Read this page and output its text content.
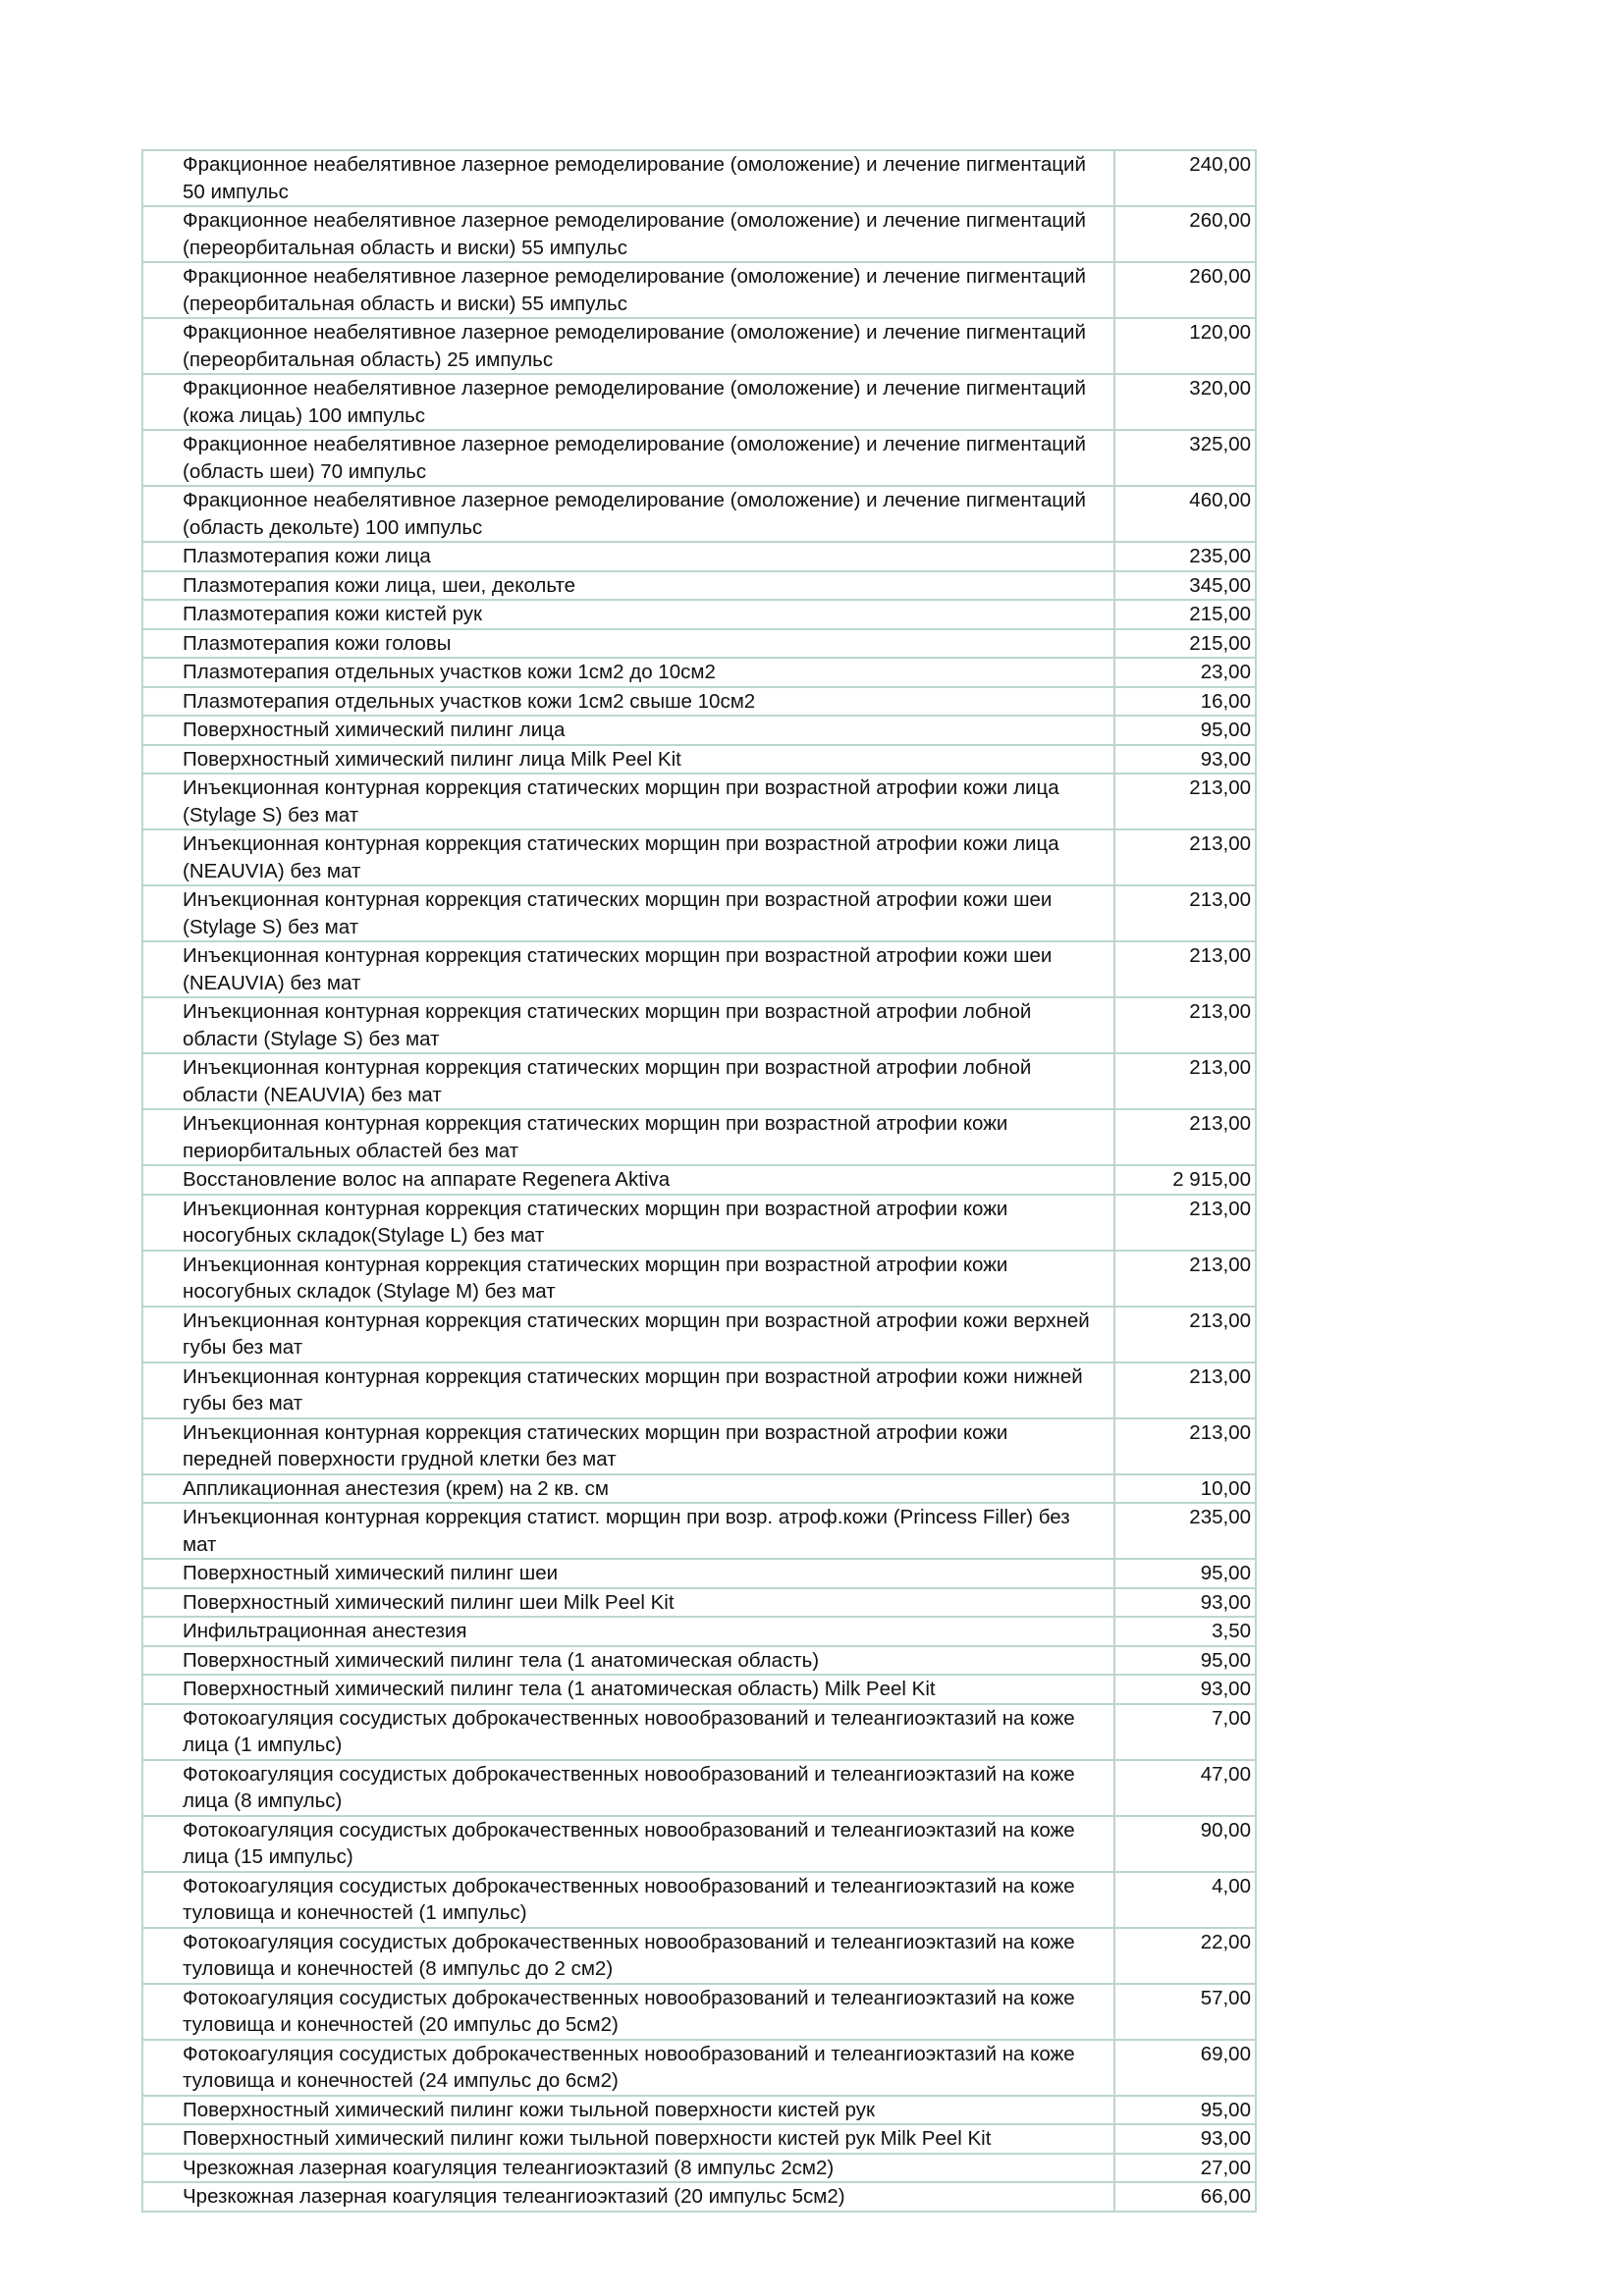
Фракционное неабелятивное лазерное ремоделирование (омоложение) и лечение пигментаций 50 импульс	240,00
Фракционное неабелятивное лазерное ремоделирование (омоложение) и лечение пигментаций (переорбитальная область и виски) 55 импульс	260,00
Фракционное неабелятивное лазерное ремоделирование (омоложение) и лечение пигментаций (переорбитальная область и виски) 55 импульс	260,00
Фракционное неабелятивное лазерное ремоделирование (омоложение) и лечение пигментаций (переорбитальная область) 25 импульс	120,00
Фракционное неабелятивное лазерное ремоделирование (омоложение) и лечение пигментаций (кожа лицаь) 100 импульс	320,00
Фракционное неабелятивное лазерное ремоделирование (омоложение) и лечение пигментаций (область шеи) 70 импульс	325,00
Фракционное неабелятивное лазерное ремоделирование (омоложение) и лечение пигментаций (область декольте) 100 импульс	460,00
Плазмотерапия кожи лица	235,00
Плазмотерапия кожи лица, шеи, декольте	345,00
Плазмотерапия кожи кистей рук	215,00
Плазмотерапия кожи головы	215,00
Плазмотерапия отдельных участков кожи 1см2 до 10см2	23,00
Плазмотерапия отдельных участков кожи 1см2 свыше 10см2	16,00
Поверхностный химический пилинг лица	95,00
Поверхностный химический пилинг лица Milk Peel Kit	93,00
Инъекционная контурная коррекция статических морщин при возрастной атрофии кожи лица (Stylage S) без мат	213,00
Инъекционная контурная коррекция статических морщин при возрастной атрофии кожи лица (NEAUVIA) без мат	213,00
Инъекционная контурная коррекция статических морщин при возрастной атрофии кожи шеи (Stylage S) без мат	213,00
Инъекционная контурная коррекция статических морщин при возрастной атрофии кожи шеи (NEAUVIA) без мат	213,00
Инъекционная контурная коррекция статических морщин при возрастной атрофии лобной области (Stylage S) без мат	213,00
Инъекционная контурная коррекция статических морщин при возрастной атрофии лобной области (NEAUVIA) без мат	213,00
Инъекционная контурная коррекция статических морщин при возрастной атрофии кожи периорбитальных областей без мат	213,00
Восстановление волос на аппарате Regenera Aktiva	2 915,00
Инъекционная контурная коррекция статических морщин при возрастной атрофии кожи носогубных складок(Stylage L) без мат	213,00
Инъекционная контурная коррекция статических морщин при возрастной атрофии кожи носогубных складок (Stylage M) без мат	213,00
Инъекционная контурная коррекция статических морщин при возрастной атрофии кожи верхней губы без мат	213,00
Инъекционная контурная коррекция статических морщин при возрастной атрофии кожи нижней губы без мат	213,00
Инъекционная контурная коррекция статических морщин при возрастной атрофии кожи передней поверхности грудной клетки без мат	213,00
Аппликационная анестезия (крем) на 2 кв. см	10,00
Инъекционная контурная коррекция статист. морщин при возр. атроф.кожи (Princess Filler) без мат	235,00
Поверхностный химический пилинг шеи	95,00
Поверхностный химический пилинг шеи Milk Peel Kit	93,00
Инфильтрационная анестезия	3,50
Поверхностный химический пилинг тела (1 анатомическая область)	95,00
Поверхностный химический пилинг тела (1 анатомическая область) Milk Peel Kit	93,00
Фотокоагуляция сосудистых доброкачественных новообразований и телеангиоэктазий на коже лица (1 импульс)	7,00
Фотокоагуляция сосудистых доброкачественных новообразований и телеангиоэктазий на коже лица (8 импульс)	47,00
Фотокоагуляция сосудистых доброкачественных новообразований и телеангиоэктазий на коже лица (15 импульс)	90,00
Фотокоагуляция сосудистых доброкачественных новообразований и телеангиоэктазий на коже туловища и конечностей (1 импульс)	4,00
Фотокоагуляция сосудистых доброкачественных новообразований и телеангиоэктазий на коже туловища и конечностей (8 импульс до 2 см2)	22,00
Фотокоагуляция сосудистых доброкачественных новообразований и телеангиоэктазий на коже туловища и конечностей (20 импульс до 5см2)	57,00
Фотокоагуляция сосудистых доброкачественных новообразований и телеангиоэктазий на коже туловища и конечностей (24 импульс до 6см2)	69,00
Поверхностный химический пилинг кожи тыльной поверхности кистей рук	95,00
Поверхностный химический пилинг кожи тыльной поверхности кистей рук Milk Peel Kit	93,00
Чрезкожная лазерная коагуляция телеангиоэктазий (8 импульс 2см2)	27,00
Чрезкожная лазерная коагуляция телеангиоэктазий (20 импульс 5см2)	66,00
